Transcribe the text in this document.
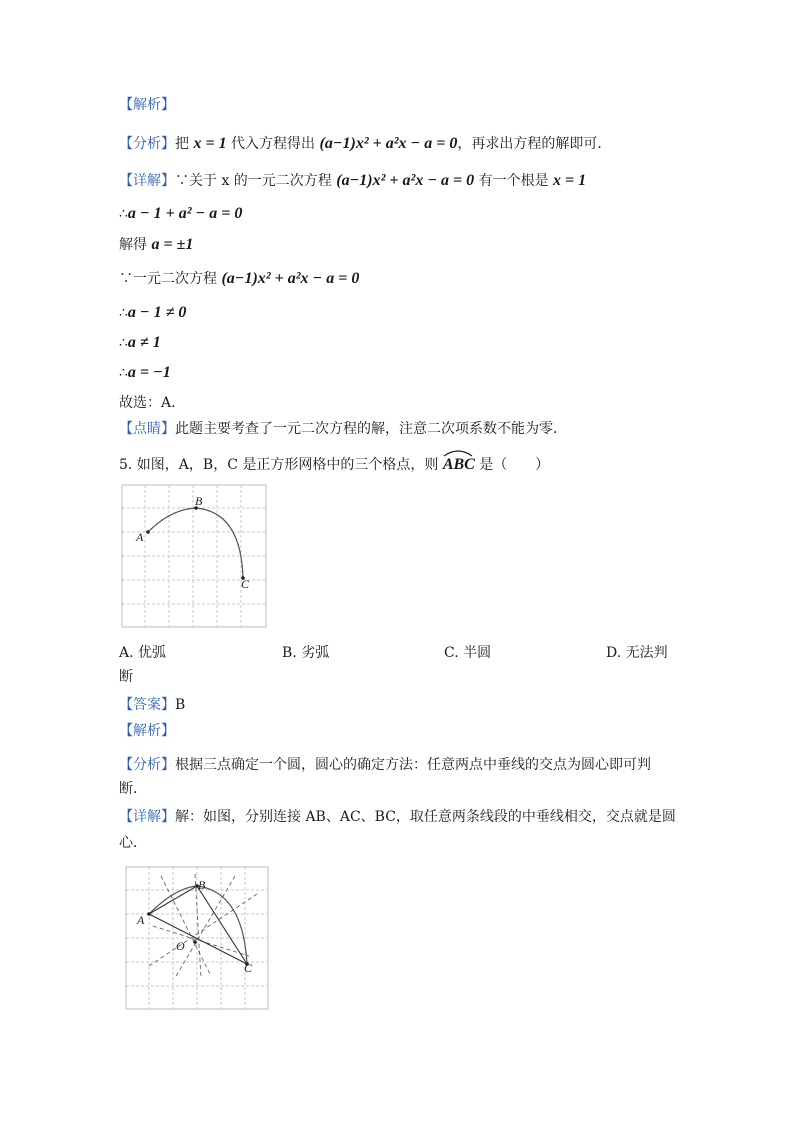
【解析】
【分析】把 x = 1 代入方程得出 (a−1)x² + a²x − a = 0，再求出方程的解即可．
【详解】∵关于 x 的一元二次方程 (a−1)x² + a²x − a = 0 有一个根是 x = 1
∴a − 1 + a² − a = 0
解得 a = ±1
∵一元二次方程 (a−1)x² + a²x − a = 0
∴a − 1 ≠ 0
∴a ≠ 1
∴a = −1
故选：A．
【点睛】此题主要考查了一元二次方程的解，注意二次项系数不能为零．
5. 如图，A，B，C 是正方形网格中的三个格点，则
ABC 是（　　）
A
B
C
A. 优弧	B. 劣弧	C. 半圆	D. 无法判
断
【答案】B
【解析】
【分析】根据三点确定一个圆，圆心的确定方法：任意两点中垂线的交点为圆心即可判
断．
【详解】解：如图，分别连接 AB、AC、BC，取任意两条线段的中垂线相交，交点就是圆
心．
A
B
C
O
